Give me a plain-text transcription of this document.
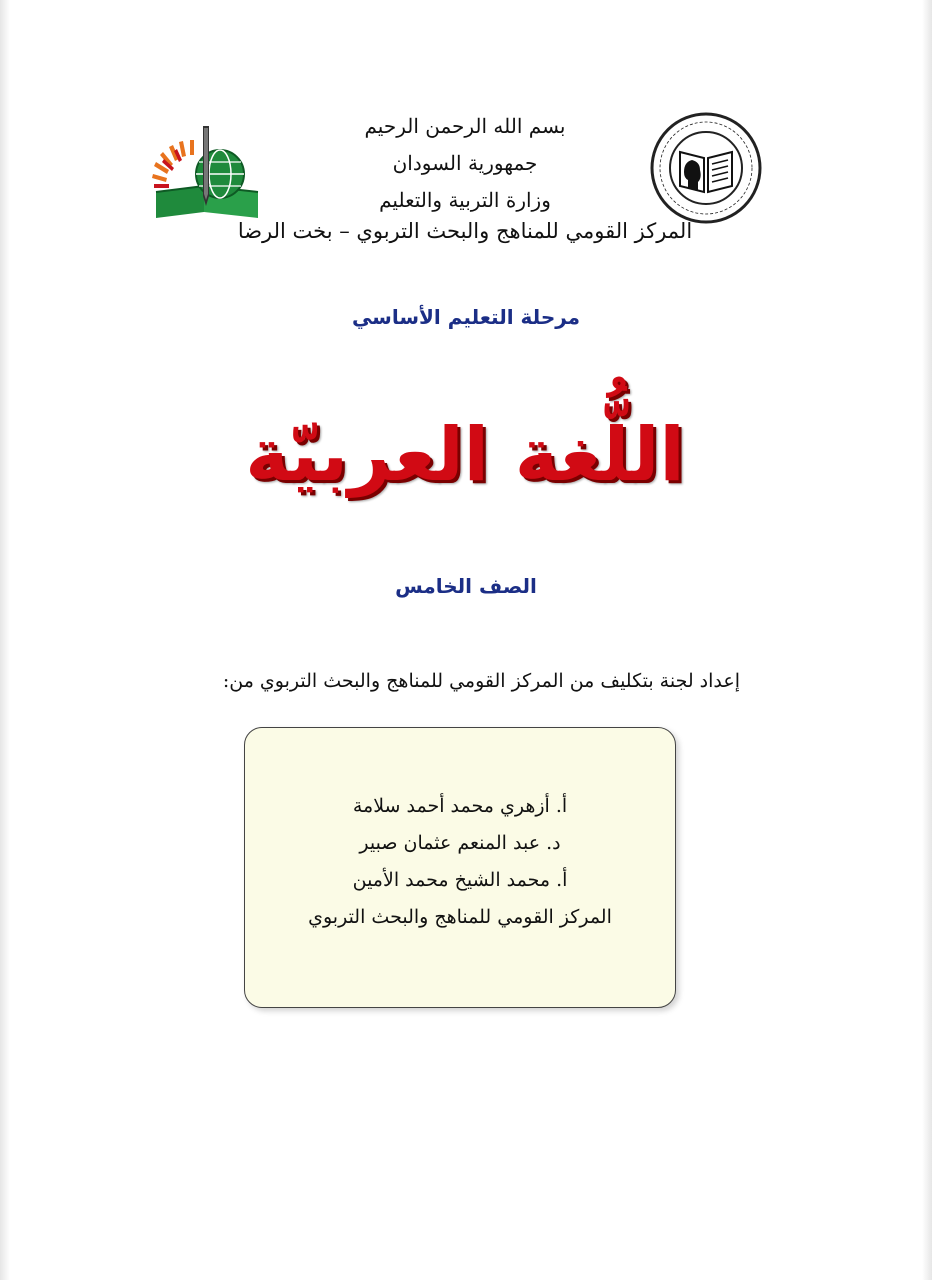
بسم الله الرحمن الرحيم
جمهورية السودان
وزارة التربية والتعليم
المركز القومي للمناهج والبحث التربوي – بخت الرضا
مرحلة التعليم الأساسي
اللُّغة العربيّة
الصف الخامس
إعداد لجنة بتكليف من المركز القومي للمناهج والبحث التربوي من:
أ. أزهري محمد أحمد سلامة
د. عبد المنعم عثمان صبير
أ. محمد الشيخ محمد الأمين
المركز القومي للمناهج والبحث التربوي
